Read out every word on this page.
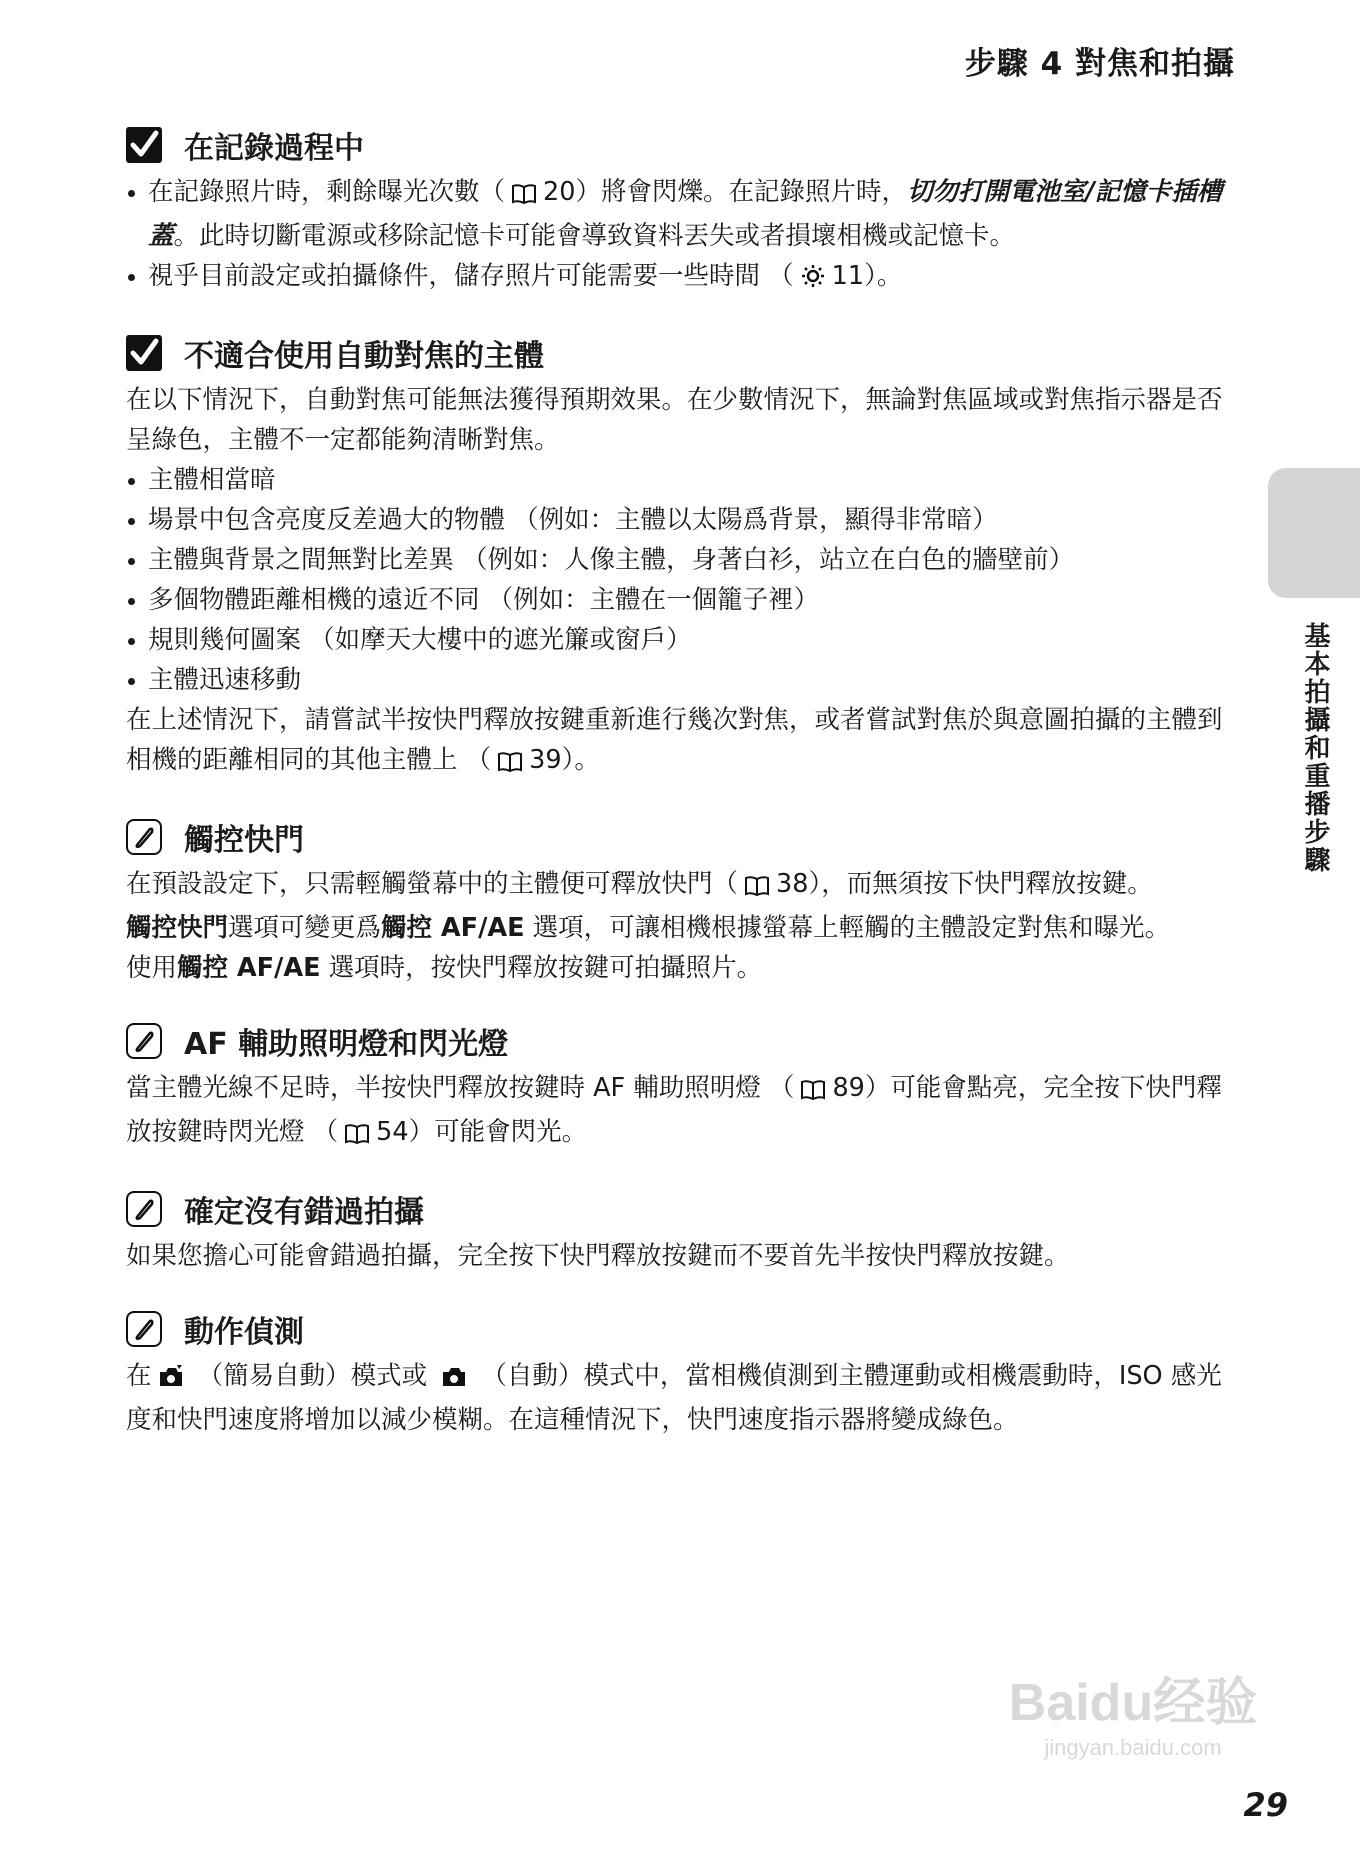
步驟 4 對焦和拍攝
基本拍攝和重播步驟
在記錄過程中
在記錄照片時，剩餘曝光次數（ 20）將會閃爍。在記錄照片時，切勿打開電池室/記憶卡插槽蓋。此時切斷電源或移除記憶卡可能會導致資料丟失或者損壞相機或記憶卡。
視乎目前設定或拍攝條件，儲存照片可能需要一些時間 （ 11）。
不適合使用自動對焦的主體

在以下情況下，自動對焦可能無法獲得預期效果。在少數情況下，無論對焦區域或對焦指示器是否呈綠色，主體不一定都能夠清晰對焦。

主體相當暗
場景中包含亮度反差過大的物體 （例如：主體以太陽爲背景，顯得非常暗）
主體與背景之間無對比差異 （例如：人像主體，身著白衫，站立在白色的牆壁前）
多個物體距離相機的遠近不同 （例如：主體在一個籠子裡）
規則幾何圖案 （如摩天大樓中的遮光簾或窗戶）
主體迅速移動

在上述情況下，請嘗試半按快門釋放按鍵重新進行幾次對焦，或者嘗試對焦於與意圖拍攝的主體到相機的距離相同的其他主體上 （ 39）。

觸控快門

在預設設定下，只需輕觸螢幕中的主體便可釋放快門（ 38），而無須按下快門釋放按鍵。
觸控快門選項可變更爲觸控 AF/AE 選項，可讓相機根據螢幕上輕觸的主體設定對焦和曝光。
使用觸控 AF/AE 選項時，按快門釋放按鍵可拍攝照片。

AF 輔助照明燈和閃光燈

當主體光線不足時，半按快門釋放按鍵時 AF 輔助照明燈 （ 89）可能會點亮，完全按下快門釋放按鍵時閃光燈 （ 54）可能會閃光。

確定沒有錯過拍攝

如果您擔心可能會錯過拍攝，完全按下快門釋放按鍵而不要首先半按快門釋放按鍵。

動作偵測

在 （簡易自動）模式或  （自動）模式中，當相機偵測到主體運動或相機震動時，ISO 感光度和快門速度將增加以減少模糊。在這種情況下，快門速度指示器將變成綠色。

Baidu经验
jingyan.baidu.com
29
